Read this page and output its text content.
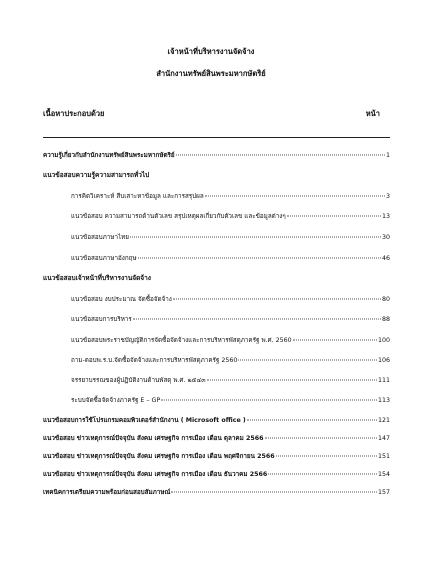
เจ้าหน้าที่บริหารงานจัดจ้าง
สำนักงานทรัพย์สินพระมหากษัตริย์
เนื้อหาประกอบด้วย	หน้า
ความรู้เกี่ยวกับสำนักงานทรัพย์สินพระมหากษัตริย์	1
แนวข้อสอบความรู้ความสามารถทั่วไป
การคิดวิเคราะห์ สืบเสาะหาข้อมูล และการสรุปผล	3
แนวข้อสอบ ความสามารถด้านตัวเลข สรุปเหตุผลเกี่ยวกับตัวเลข และข้อมูลต่างๆ	13
แนวข้อสอบภาษาไทย	30
แนวข้อสอบภาษาอังกฤษ	46
แนวข้อสอบเจ้าหน้าที่บริหารงานจัดจ้าง
แนวข้อสอบ งบประมาณ จัดซื้อจัดจ้าง	80
แนวข้อสอบการบริหาร	88
แนวข้อสอบพระราชบัญญัติการจัดซื้อจัดจ้างและการบริหารพัสดุภาครัฐ พ.ศ. 2560	100
ถาม-ตอบพ.ร.บ.จัดซื้อจัดจ้างและการบริหารพัสดุภาครัฐ 2560	106
จรรยาบรรณของผู้ปฏิบัติงานด้านพัสดุ พ.ศ. ๒๕๔๓	111
ระบบจัดซื้อจัดจ้างภาครัฐ E – GP	113
แนวข้อสอบการใช้โปรแกรมคอมพิวเตอร์สำนักงาน ( Microsoft office )	121
แนวข้อสอบ ข่าวเหตุการณ์ปัจจุบัน สังคม เศรษฐกิจ การเมือง เดือน ตุลาคม 2566	147
แนวข้อสอบ ข่าวเหตุการณ์ปัจจุบัน สังคม เศรษฐกิจ การเมือง เดือน พฤศจิกายน 2566	151
แนวข้อสอบ ข่าวเหตุการณ์ปัจจุบัน สังคม เศรษฐกิจ การเมือง เดือน ธันวาคม 2566	154
เทคนิคการเตรียมความพร้อมก่อนสอบสัมภาษณ์	157
